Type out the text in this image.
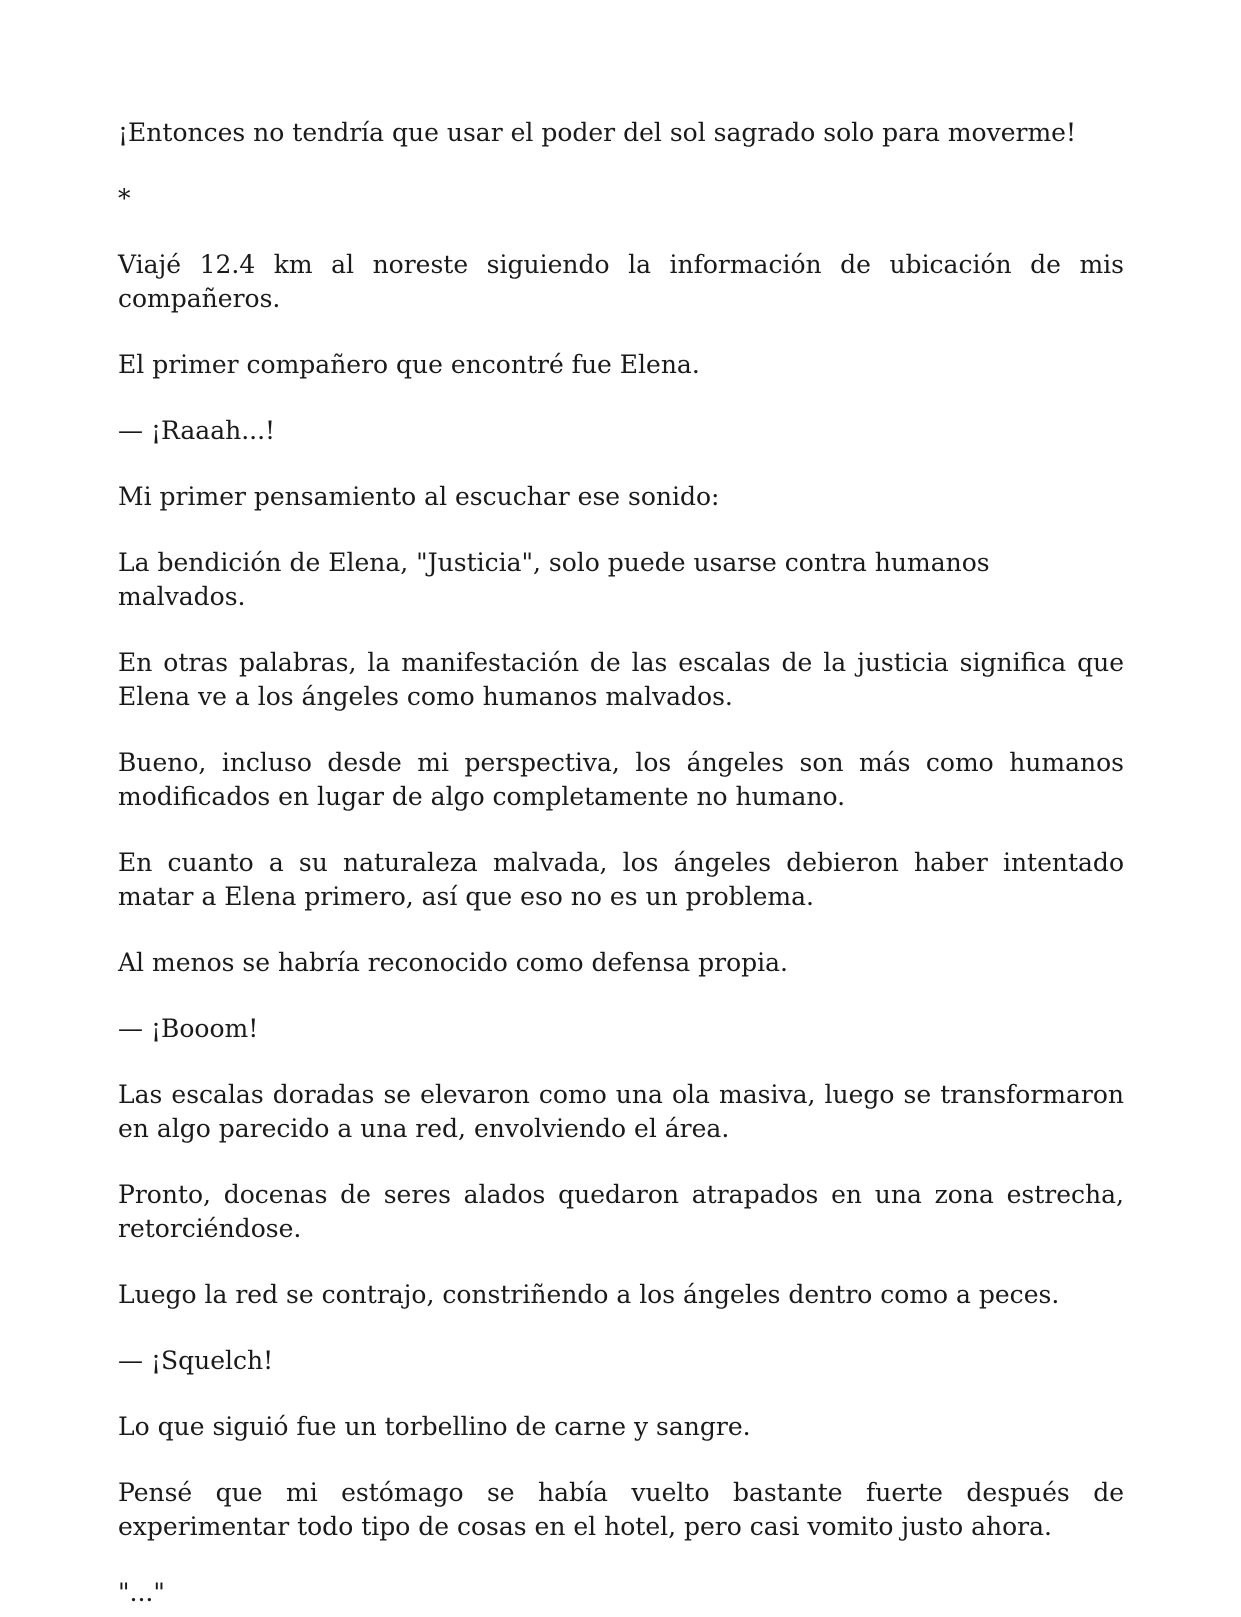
¡Entonces no tendría que usar el poder del sol sagrado solo para moverme!

*

Viajé 12.4 km al noreste siguiendo la información de ubicación de mis compañeros.

El primer compañero que encontré fue Elena.

— ¡Raaah...!

Mi primer pensamiento al escuchar ese sonido:

La bendición de Elena, "Justicia", solo puede usarse contra humanos malvados.

En otras palabras, la manifestación de las escalas de la justicia significa que Elena ve a los ángeles como humanos malvados.

Bueno, incluso desde mi perspectiva, los ángeles son más como humanos modificados en lugar de algo completamente no humano.

En cuanto a su naturaleza malvada, los ángeles debieron haber intentado matar a Elena primero, así que eso no es un problema.

Al menos se habría reconocido como defensa propia.

— ¡Booom!

Las escalas doradas se elevaron como una ola masiva, luego se transformaron en algo parecido a una red, envolviendo el área.

Pronto, docenas de seres alados quedaron atrapados en una zona estrecha, retorciéndose.

Luego la red se contrajo, constriñendo a los ángeles dentro como a peces.

— ¡Squelch!

Lo que siguió fue un torbellino de carne y sangre.

Pensé que mi estómago se había vuelto bastante fuerte después de experimentar todo tipo de cosas en el hotel, pero casi vomito justo ahora.

"..."
